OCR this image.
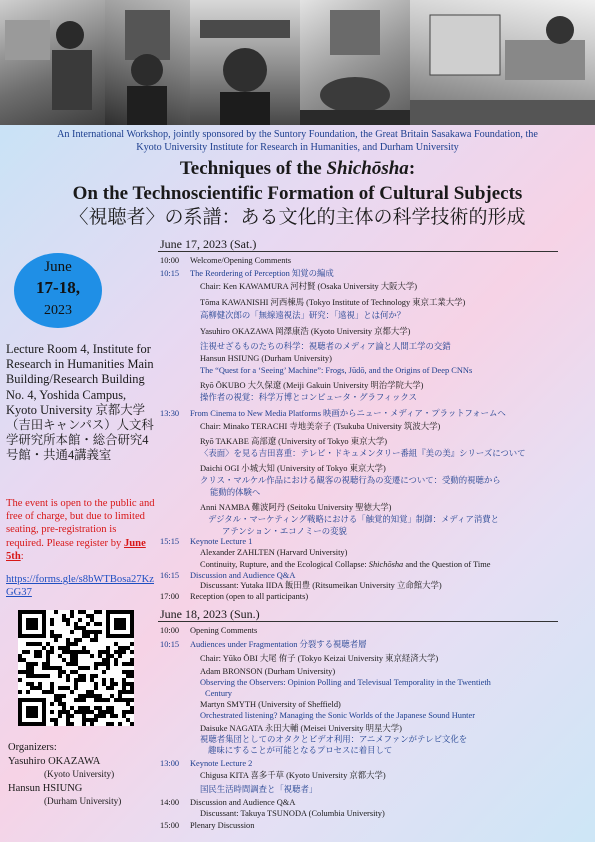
An International Workshop, jointly sponsored by the Suntory Foundation, the Great Britain Sasakawa Foundation, the
Kyoto University Institute for Research in Humanities, and Durham University
Techniques of the Shichōsha:
On the Technoscientific Formation of Cultural Subjects
〈視聴者〉の系譜：ある文化的主体の科学技術的形成
June
17-18,
2023
Lecture Room 4, Institute for Research in Humanities Main Building/Research Building No. 4, Yoshida Campus, Kyoto University 京都大学（吉田キャンパス）人文科学研究所本館・総合研究4号館・共通4講義室
The event is open to the public and free of charge, but due to limited seating, pre-registration is required. Please register by June 5th:
https://forms.gle/s8bWTBosa27KzGG37
Organizers:
Yasuhiro OKAZAWA
(Kyoto University)
Hansun HSIUNG
(Durham University)
June 17, 2023 (Sat.)
10:00 Welcome/Opening Comments
10:15 The Reordering of Perception 知覚の編成
Chair: Ken KAWAMURA 河村賢 (Osaka University 大阪大学)
Tōma KAWANISHI 河西棟馬 (Tokyo Institute of Technology 東京工業大学)
高柳健次郎の「無線遠視法」研究：「遠視」とは何か？
Yasuhiro OKAZAWA 岡澤康浩 (Kyoto University 京都大学)
注視せざるものたちの科学：視聴者のメディア論と人間工学の交錯
Hansun HSIUNG (Durham University)
The “Quest for a ‘Seeing’ Machine”: Frogs, Jūdō, and the Origins of Deep CNNs
Ryō ŌKUBO 大久保遼 (Meiji Gakuin University 明治学院大学)
操作者の視覚：科学万博とコンピュータ・グラフィックス
13:30 From Cinema to New Media Platforms 映画からニュー・メディア・プラットフォームへ
Chair: Minako TERACHI 寺地美奈子 (Tsukuba University 筑波大学)
Ryō TAKABE 高部遼 (University of Tokyo 東京大学)
〈表面〉を見る吉田喜重：テレビ・ドキュメンタリー番組『美の美』シリーズについて
Daichi OGI 小城大知 (University of Tokyo 東京大学)
クリス・マルケル作品における観客の視聴行為の変遷について：受動的視聴から
能動的体験へ
Anni NAMBA 難波阿丹 (Seitoku University 聖徳大学)
デジタル・マーケティング戦略における「触覚的知覚」制御：メディア消費と
アテンション・エコノミーの変貌
15:15 Keynote Lecture 1
Alexander ZAHLTEN (Harvard University)
Continuity, Rupture, and the Ecological Collapse: Shichōsha and the Question of Time
16:15 Discussion and Audience Q&A
Discussant: Yutaka IIDA 飯田豊 (Ritsumeikan University 立命館大学)
17:00 Reception (open to all participants)
June 18, 2023 (Sun.)
10:00 Opening Comments
10:15 Audiences under Fragmentation 分裂する視聴者層
Chair: Yūko ŌBI 大尾 侑子 (Tokyo Keizai University 東京経済大学)
Adam BRONSON (Durham University)
Observing the Observers: Opinion Polling and Televisual Temporality in the Twentieth
Century
Martyn SMYTH (University of Sheffield)
Orchestrated listening? Managing the Sonic Worlds of the Japanese Sound Hunter
Daisuke NAGATA 永田大輔 (Meisei University 明星大学)
視聴者集団としてのオタクとビデオ利用：アニメファンがテレビ文化を
趣味にすることが可能となるプロセスに着目して
13:00 Keynote Lecture 2
Chigusa KITA 喜多千草 (Kyoto University 京都大学)
国民生活時間調査と「視聴者」
14:00 Discussion and Audience Q&A
Discussant: Takuya TSUNODA (Columbia University)
15:00 Plenary Discussion
